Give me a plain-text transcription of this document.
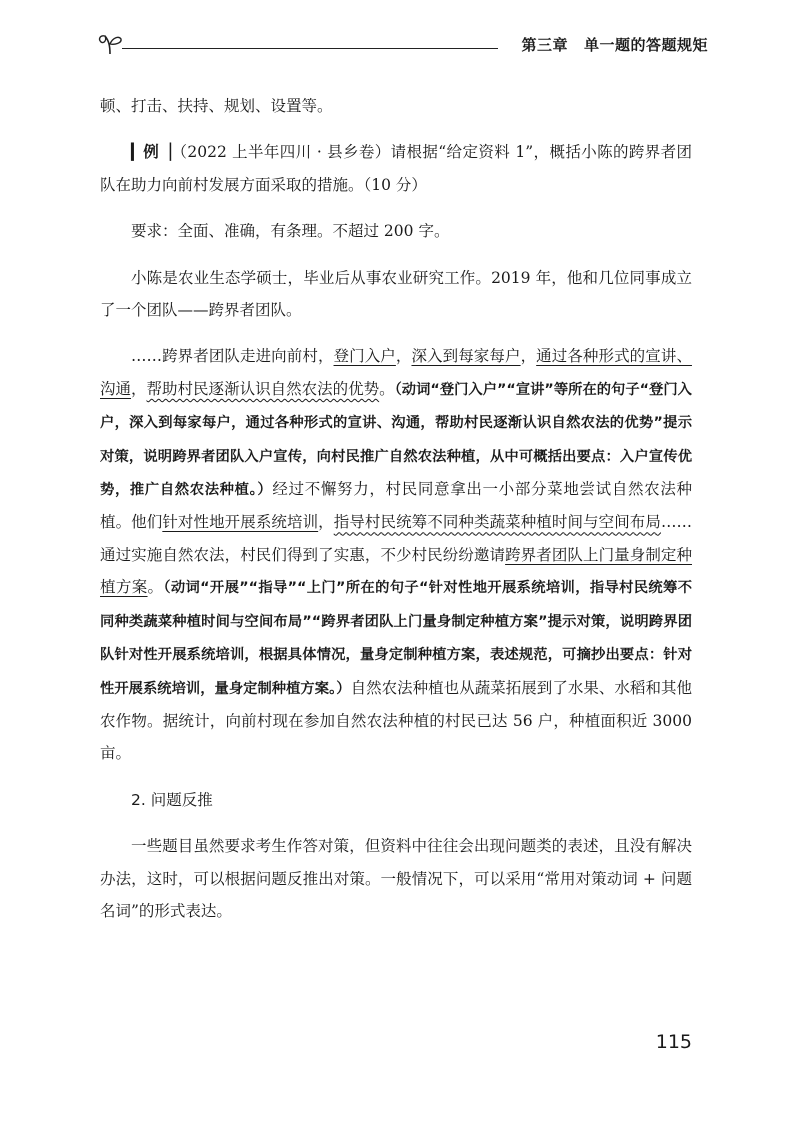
第三章 单一题的答题规矩

顿、打击、扶持、规划、设置等。

▎例▕（2022 上半年四川 · 县乡卷）请根据“给定资料 1”，概括小陈的跨界者团队在助力向前村发展方面采取的措施。（10 分）

要求：全面、准确，有条理。不超过 200 字。

小陈是农业生态学硕士，毕业后从事农业研究工作。2019 年，他和几位同事成立了一个团队——跨界者团队。

……跨界者团队走进向前村，登门入户，深入到每家每户，通过各种形式的宣讲、沟通，帮助村民逐渐认识自然农法的优势。（动词“登门入户”“宣讲”等所在的句子“登门入户，深入到每家每户，通过各种形式的宣讲、沟通，帮助村民逐渐认识自然农法的优势”提示对策，说明跨界者团队入户宣传，向村民推广自然农法种植，从中可概括出要点：入户宣传优势，推广自然农法种植。）经过不懈努力，村民同意拿出一小部分菜地尝试自然农法种植。他们针对性地开展系统培训，指导村民统筹不同种类蔬菜种植时间与空间布局……通过实施自然农法，村民们得到了实惠，不少村民纷纷邀请跨界者团队上门量身制定种植方案。（动词“开展”“指导”“上门”所在的句子“针对性地开展系统培训，指导村民统筹不同种类蔬菜种植时间与空间布局”“跨界者团队上门量身制定种植方案”提示对策，说明跨界团队针对性开展系统培训，根据具体情况，量身定制种植方案，表述规范，可摘抄出要点：针对性开展系统培训，量身定制种植方案。）自然农法种植也从蔬菜拓展到了水果、水稻和其他农作物。据统计，向前村现在参加自然农法种植的村民已达 56 户，种植面积近 3000 亩。

2. 问题反推

一些题目虽然要求考生作答对策，但资料中往往会出现问题类的表述，且没有解决办法，这时，可以根据问题反推出对策。一般情况下，可以采用“常用对策动词 + 问题名词”的形式表达。

115
